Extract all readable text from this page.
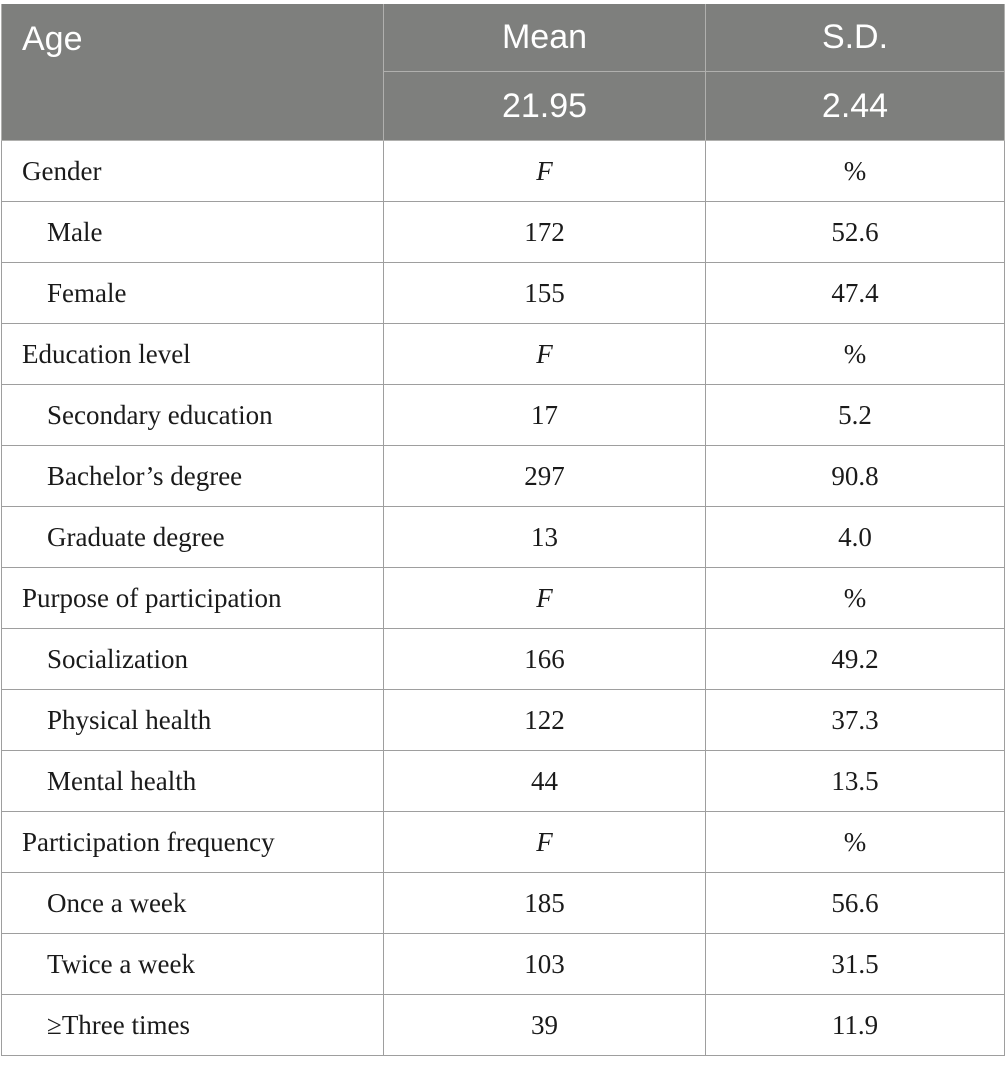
Age	Mean	S.D.
	21.95	2.44
Gender	F	%
Male	172	52.6
Female	155	47.4
Education level	F	%
Secondary education	17	5.2
Bachelor’s degree	297	90.8
Graduate degree	13	4.0
Purpose of participation	F	%
Socialization	166	49.2
Physical health	122	37.3
Mental health	44	13.5
Participation frequency	F	%
Once a week	185	56.6
Twice a week	103	31.5
≥Three times	39	11.9
